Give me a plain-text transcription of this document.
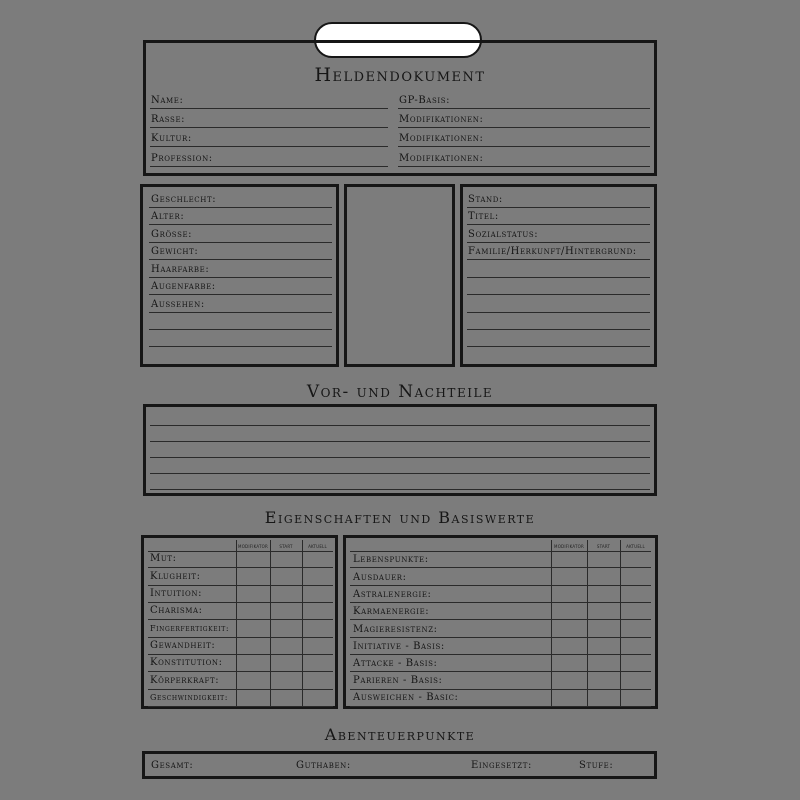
Heldendokument
Name:	GP-Basis:
Rasse:	Modifikationen:
Kultur:	Modifikationen:
Profession:	Modifikationen:
Geschlecht:
Alter:
Grösse:
Gewicht:
Haarfarbe:
Augenfarbe:
Aussehen:
Stand:
Titel:
Sozialstatus:
Familie/Herkunft/Hintergrund:
Vor- und Nachteile
Eigenschaften und Basiswerte
MODIFIKATOR	START	AKTUELL
Mut:
Klugheit:
Intuition:
Charisma:
Fingerfertigkeit:
Gewandheit:
Konstitution:
Körperkraft:
Geschwindigkeit:
MODIFIKATOR	START	AKTUELL
Lebenspunkte:
Ausdauer:
Astralenergie:
Karmaenergie:
Magieresistenz:
Initiative - Basis:
Attacke - Basis:
Parieren - Basis:
Ausweichen - Basic:
Abenteuerpunkte
Gesamt:	Guthaben:	Eingesetzt:	Stufe:
